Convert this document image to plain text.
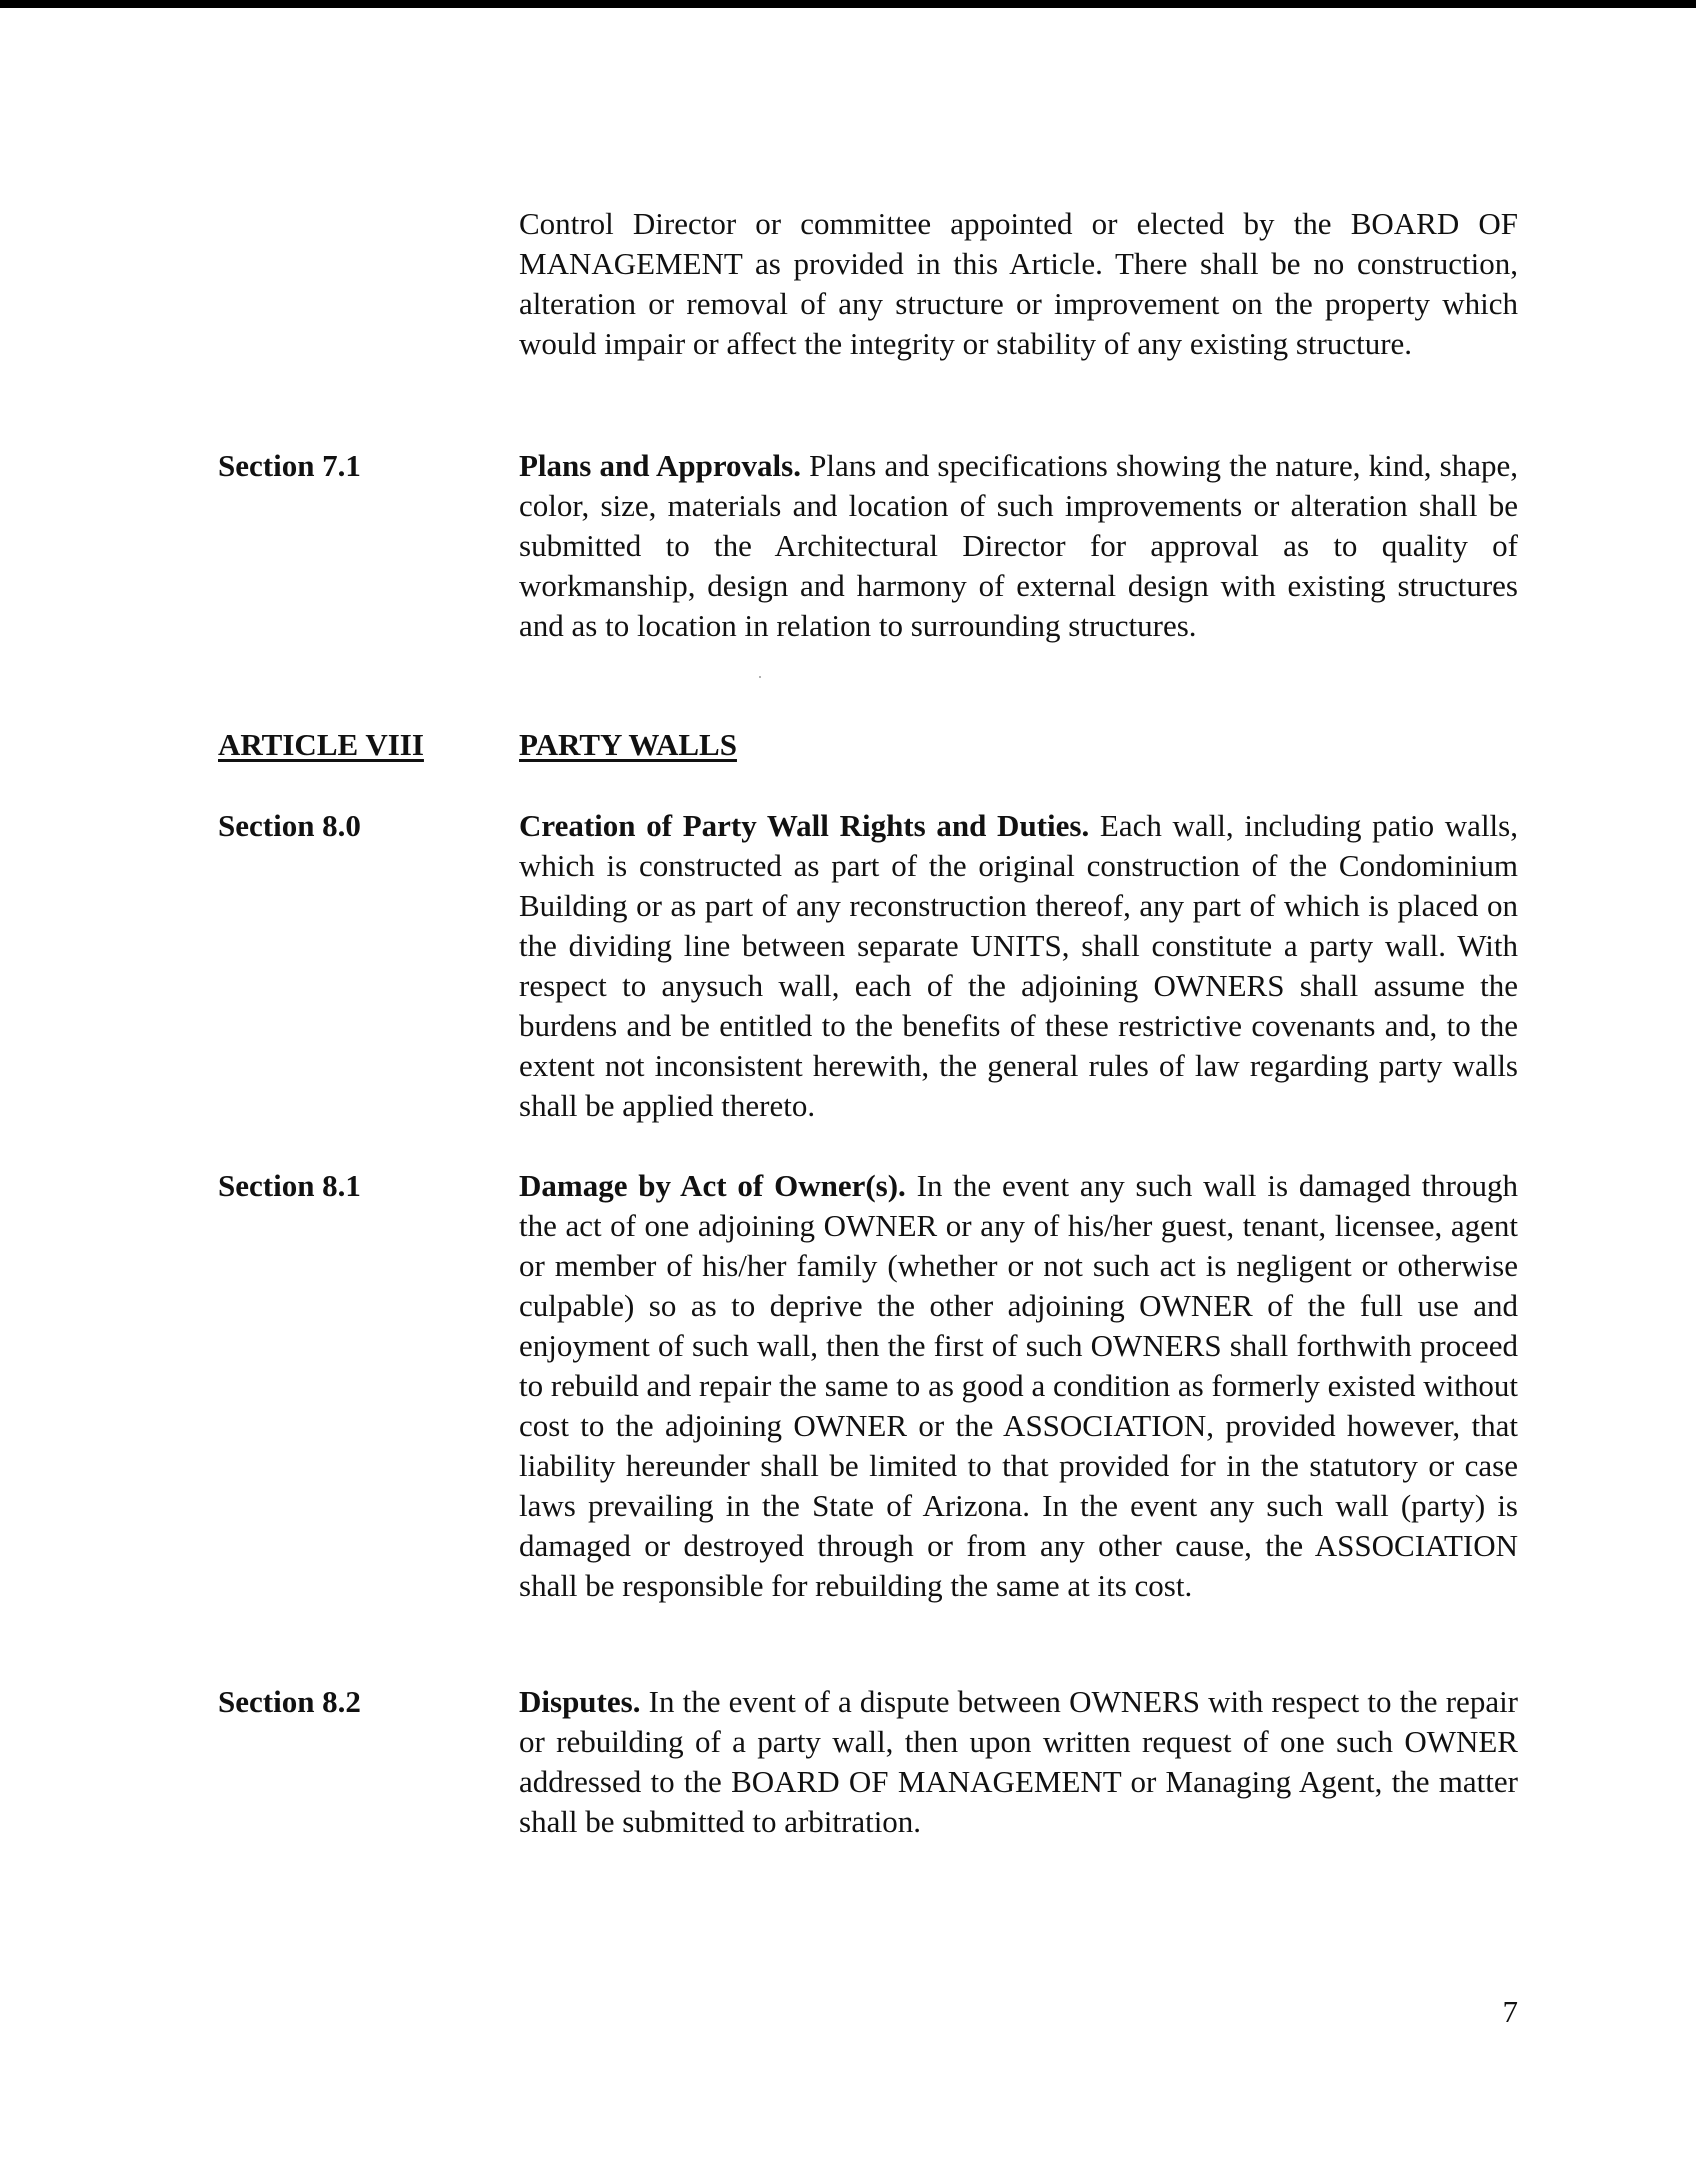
Control Director or committee appointed or elected by the BOARD OF MANAGEMENT as provided in this Article. There shall be no construction, alteration or removal of any structure or improvement on the property which would impair or affect the integrity or stability of any existing structure.

Section 7.1	Plans and Approvals. Plans and specifications showing the nature, kind, shape, color, size, materials and location of such improvements or alteration shall be submitted to the Architectural Director for approval as to quality of workmanship, design and harmony of external design with existing structures and as to location in relation to surrounding structures.

ARTICLE VIII	PARTY WALLS

Section 8.0	Creation of Party Wall Rights and Duties. Each wall, including patio walls, which is constructed as part of the original construction of the Condominium Building or as part of any reconstruction thereof, any part of which is placed on the dividing line between separate UNITS, shall constitute a party wall. With respect to anysuch wall, each of the adjoining OWNERS shall assume the burdens and be entitled to the benefits of these restrictive covenants and, to the extent not inconsistent herewith, the general rules of law regarding party walls shall be applied thereto.

Section 8.1	Damage by Act of Owner(s). In the event any such wall is damaged through the act of one adjoining OWNER or any of his/her guest, tenant, licensee, agent or member of his/her family (whether or not such act is negligent or otherwise culpable) so as to deprive the other adjoining OWNER of the full use and enjoyment of such wall, then the first of such OWNERS shall forthwith proceed to rebuild and repair the same to as good a condition as formerly existed without cost to the adjoining OWNER or the ASSOCIATION, provided however, that liability hereunder shall be limited to that provided for in the statutory or case laws prevailing in the State of Arizona. In the event any such wall (party) is damaged or destroyed through or from any other cause, the ASSOCIATION shall be responsible for rebuilding the same at its cost.

Section 8.2	Disputes. In the event of a dispute between OWNERS with respect to the repair or rebuilding of a party wall, then upon written request of one such OWNER addressed to the BOARD OF MANAGEMENT or Managing Agent, the matter shall be submitted to arbitration.

7
